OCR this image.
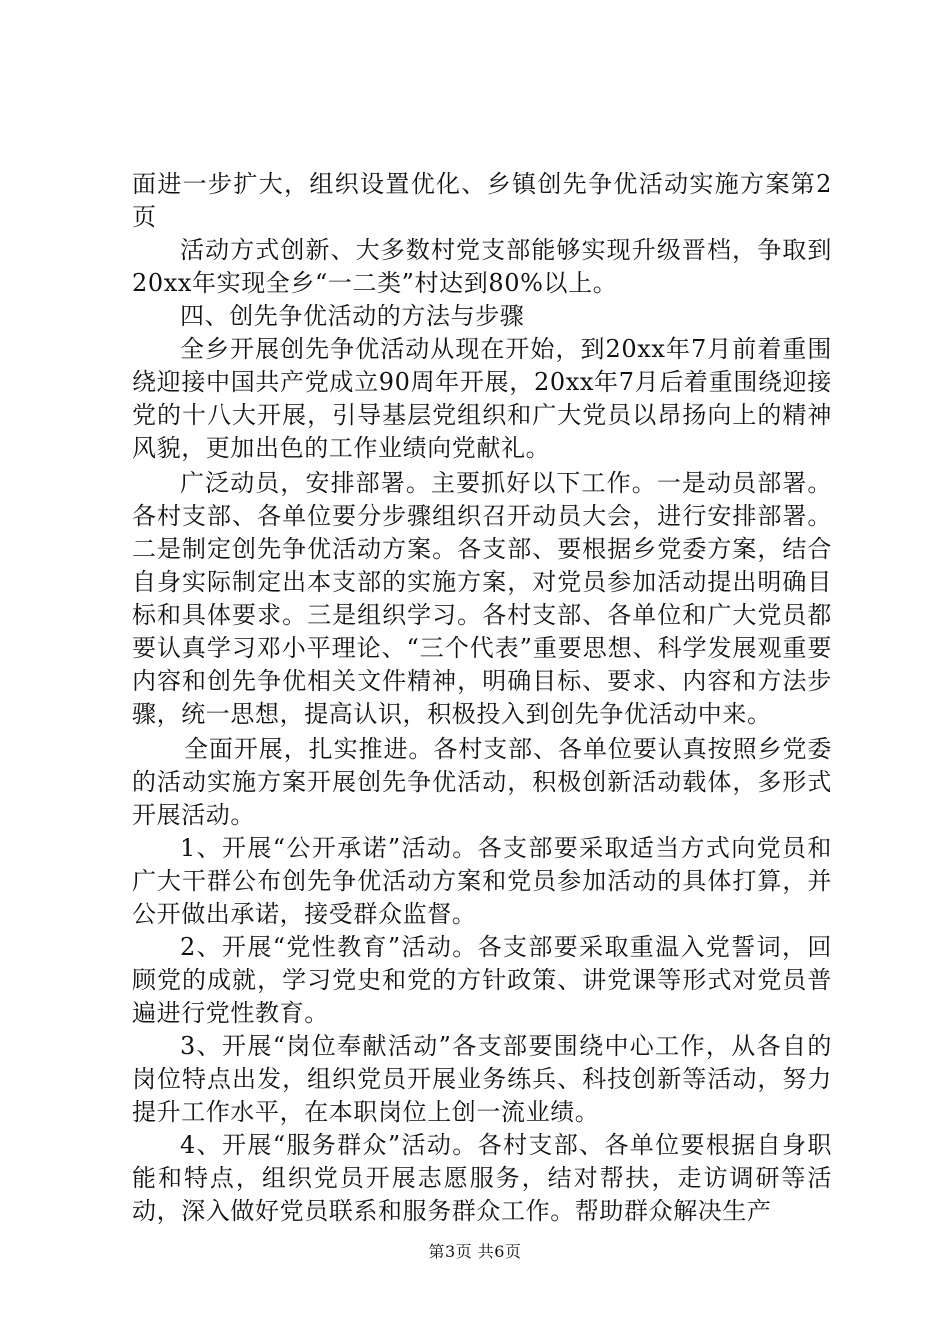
面进一步扩大，组织设置优化、乡镇创先争优活动实施方案第2页

活动方式创新、大多数村党支部能够实现升级晋档，争取到20xx年实现全乡“一二类”村达到80%以上。

四、创先争优活动的方法与步骤

全乡开展创先争优活动从现在开始，到20xx年7月前着重围绕迎接中国共产党成立90周年开展，20xx年7月后着重围绕迎接党的十八大开展，引导基层党组织和广大党员以昂扬向上的精神风貌，更加出色的工作业绩向党献礼。

广泛动员，安排部署。主要抓好以下工作。一是动员部署。各村支部、各单位要分步骤组织召开动员大会，进行安排部署。二是制定创先争优活动方案。各支部、要根据乡党委方案，结合自身实际制定出本支部的实施方案，对党员参加活动提出明确目标和具体要求。三是组织学习。各村支部、各单位和广大党员都要认真学习邓小平理论、“三个代表”重要思想、科学发展观重要内容和创先争优相关文件精神，明确目标、要求、内容和方法步骤，统一思想，提高认识，积极投入到创先争优活动中来。

全面开展，扎实推进。各村支部、各单位要认真按照乡党委的活动实施方案开展创先争优活动，积极创新活动载体，多形式开展活动。

1、开展“公开承诺”活动。各支部要采取适当方式向党员和广大干群公布创先争优活动方案和党员参加活动的具体打算，并公开做出承诺，接受群众监督。

2、开展“党性教育”活动。各支部要采取重温入党誓词，回顾党的成就，学习党史和党的方针政策、讲党课等形式对党员普遍进行党性教育。

3、开展“岗位奉献活动”各支部要围绕中心工作，从各自的岗位特点出发，组织党员开展业务练兵、科技创新等活动，努力提升工作水平，在本职岗位上创一流业绩。

4、开展“服务群众”活动。各村支部、各单位要根据自身职能和特点，组织党员开展志愿服务，结对帮扶，走访调研等活动，深入做好党员联系和服务群众工作。帮助群众解决生产

第3页 共6页
